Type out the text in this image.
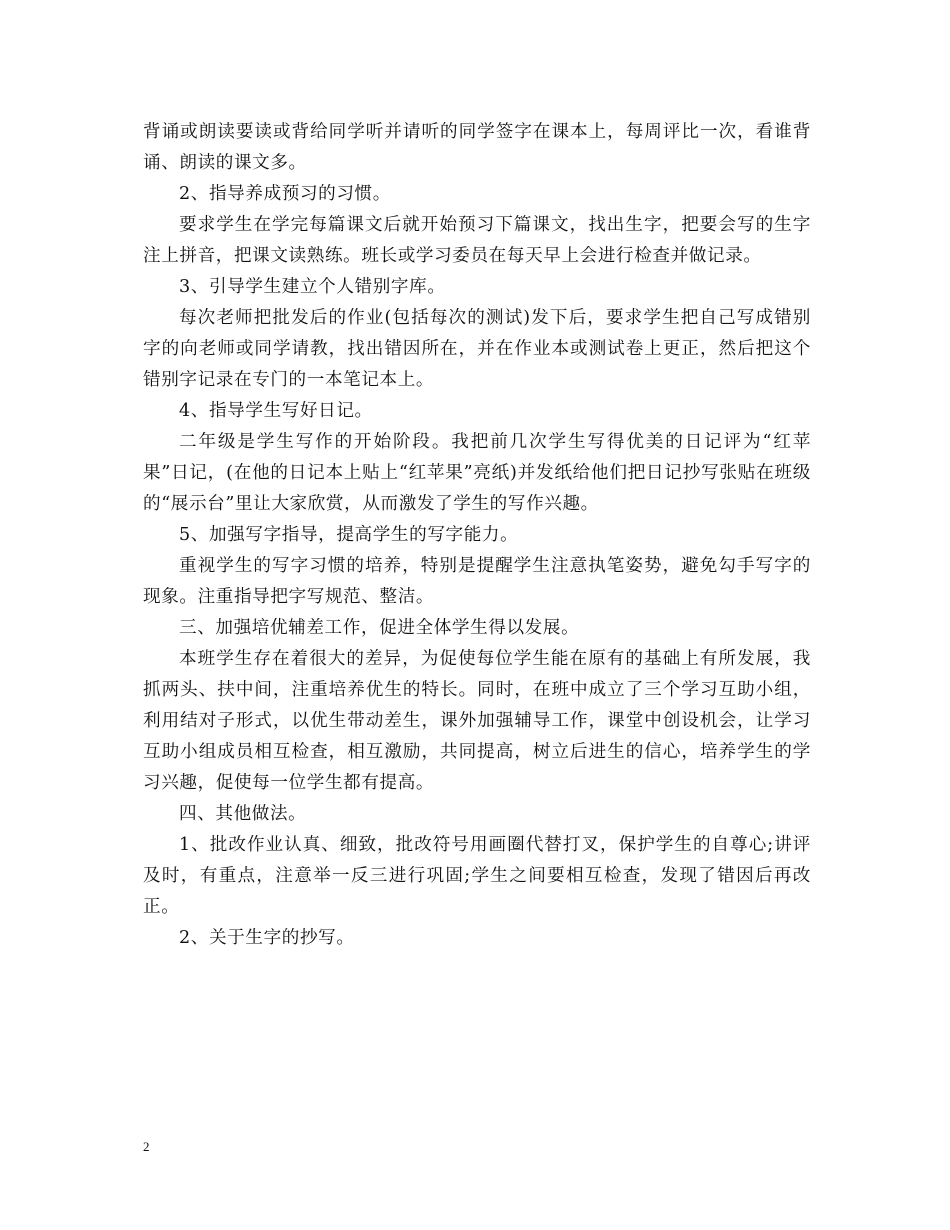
背诵或朗读要读或背给同学听并请听的同学签字在课本上，每周评比一次，看谁背诵、朗读的课文多。

2、指导养成预习的习惯。

要求学生在学完每篇课文后就开始预习下篇课文，找出生字，把要会写的生字注上拼音，把课文读熟练。班长或学习委员在每天早上会进行检查并做记录。

3、引导学生建立个人错别字库。

每次老师把批发后的作业(包括每次的测试)发下后，要求学生把自己写成错别字的向老师或同学请教，找出错因所在，并在作业本或测试卷上更正，然后把这个错别字记录在专门的一本笔记本上。

4、指导学生写好日记。

二年级是学生写作的开始阶段。我把前几次学生写得优美的日记评为“红苹果”日记，(在他的日记本上贴上“红苹果”亮纸)并发纸给他们把日记抄写张贴在班级的“展示台”里让大家欣赏，从而激发了学生的写作兴趣。

5、加强写字指导，提高学生的写字能力。

重视学生的写字习惯的培养，特别是提醒学生注意执笔姿势，避免勾手写字的现象。注重指导把字写规范、整洁。

三、加强培优辅差工作，促进全体学生得以发展。

本班学生存在着很大的差异，为促使每位学生能在原有的基础上有所发展，我抓两头、扶中间，注重培养优生的特长。同时，在班中成立了三个学习互助小组，利用结对子形式，以优生带动差生，课外加强辅导工作，课堂中创设机会，让学习互助小组成员相互检查，相互激励，共同提高，树立后进生的信心，培养学生的学习兴趣，促使每一位学生都有提高。

四、其他做法。

1、批改作业认真、细致，批改符号用画圈代替打叉，保护学生的自尊心;讲评及时，有重点，注意举一反三进行巩固;学生之间要相互检查，发现了错因后再改正。

2、关于生字的抄写。

2
